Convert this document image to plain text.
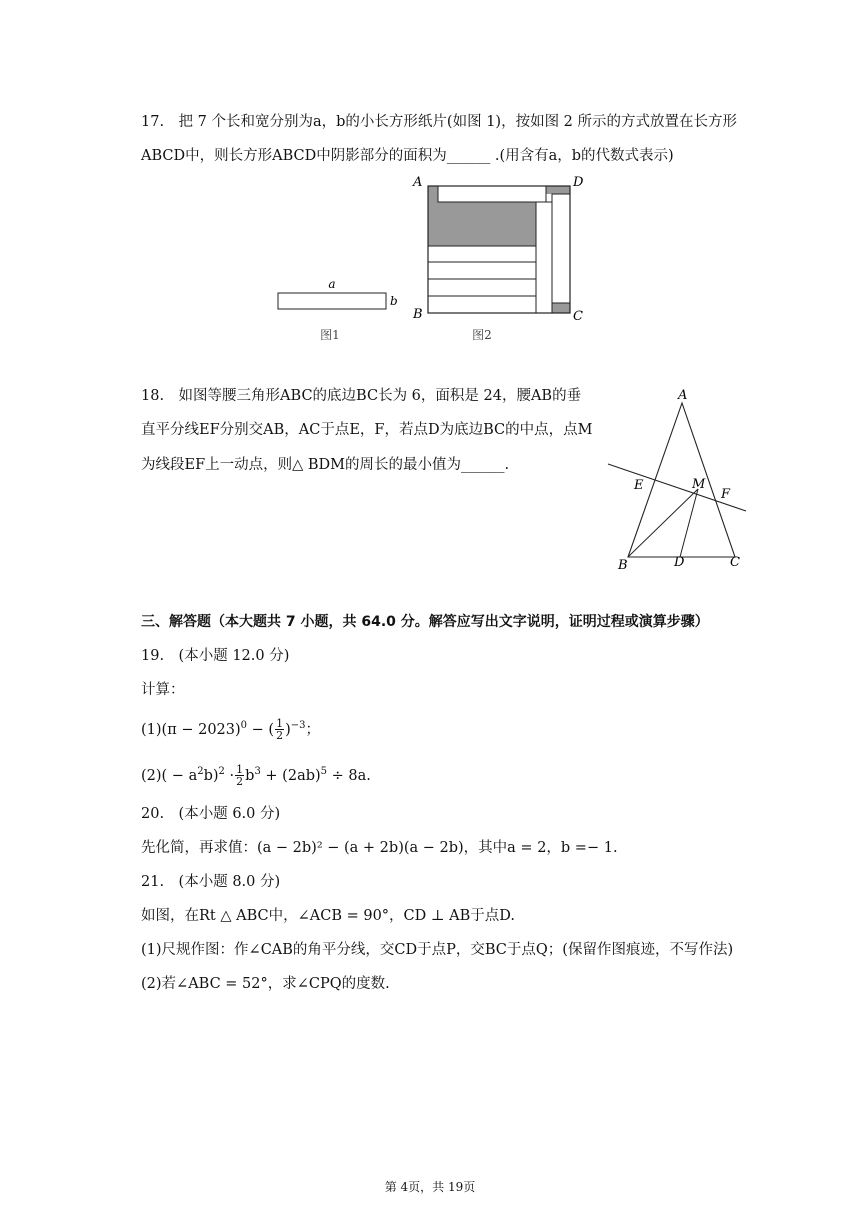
17.　把 7 个长和宽分别为a，b的小长方形纸片(如图 1)，按如图 2 所示的方式放置在长方形
ABCD中，则长方形ABCD中阴影部分的面积为______ .(用含有a，b的代数式表示)
a
b
图1
A	D
B	C
图2
18.　如图等腰三角形ABC的底边BC长为 6，面积是 24，腰AB的垂
直平分线EF分别交AB，AC于点E，F，若点D为底边BC的中点，点M
为线段EF上一动点，则△ BDM的周长的最小值为______.
A
E	M
F
B	D	C
三、解答题（本大题共 7 小题，共 64.0 分。解答应写出文字说明，证明过程或演算步骤）
19.　(本小题 12.0 分)
计算：
$(1)(\pi - 2023)^0$ − ( $\frac{1}{2} )^{-3}$；
$(2)( - a^2b)^2 \cdot \frac{1}{2} b^3 + (2ab)^5 \div 8a$.
20.　(本小题 6.0 分)
先化简，再求值：(a − 2b)² − (a + 2b)(a − 2b)，其中a = 2，b =− 1.
21.　(本小题 8.0 分)
如图，在Rt △ ABC中，∠ACB = 90°，CD ⊥ AB于点D.
(1)尺规作图：作∠CAB的角平分线，交CD于点P，交BC于点Q；(保留作图痕迹，不写作法)
(2)若∠ABC = 52°，求∠CPQ的度数.
第 4页，共 19页
